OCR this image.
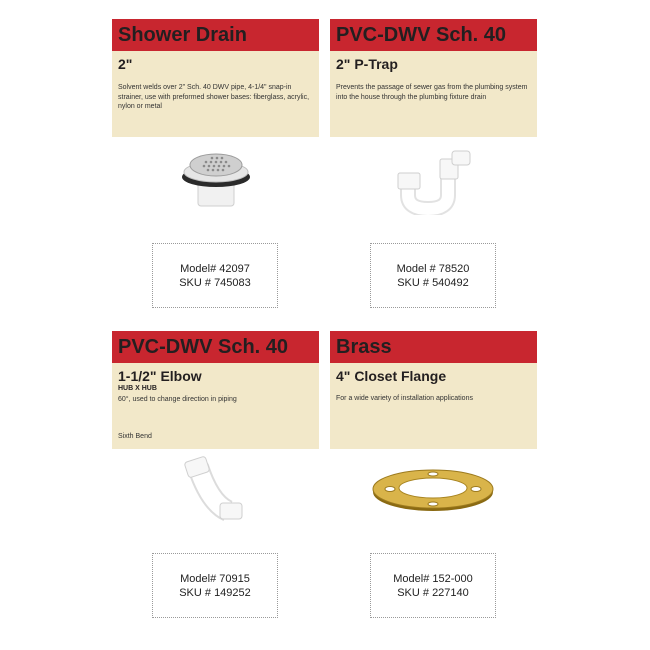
Shower Drain
2"
Solvent welds over 2" Sch. 40 DWV pipe, 4-1/4" snap-in strainer, use with preformed shower bases: fiberglass, acrylic, nylon or metal
Model# 42097
SKU # 745083
PVC-DWV Sch. 40
2" P-Trap
Prevents the passage of sewer gas from the plumbing system into the house through the plumbing fixture drain
Model # 78520
SKU # 540492
PVC-DWV Sch. 40
1-1/2" Elbow
HUB X HUB
60°, used to change direction in piping
Sixth Bend
Model# 70915
SKU # 149252
Brass
4" Closet Flange
For a wide variety of installation applications
Model# 152-000
SKU # 227140
